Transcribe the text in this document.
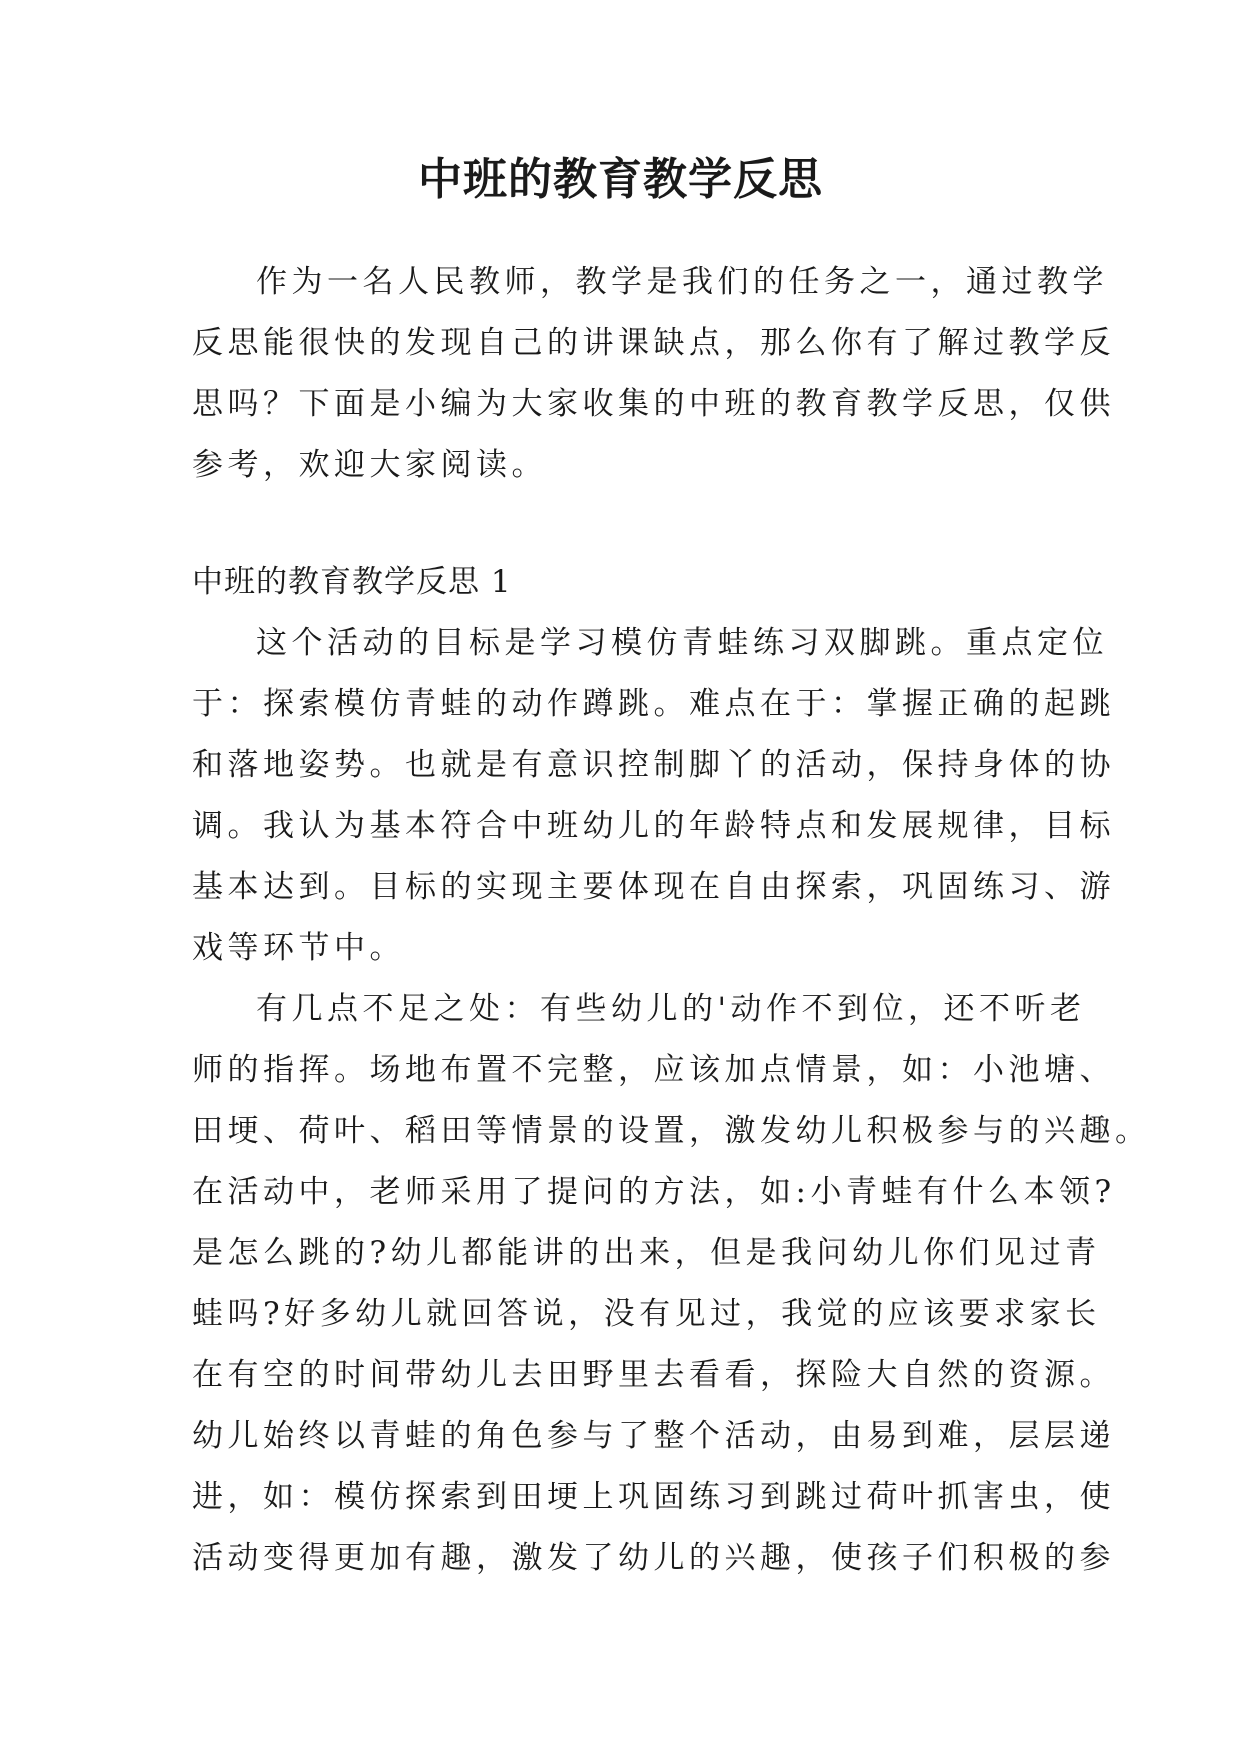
中班的教育教学反思

作为一名人民教师，教学是我们的任务之一，通过教学

反思能很快的发现自己的讲课缺点，那么你有了解过教学反

思吗？下面是小编为大家收集的中班的教育教学反思，仅供

参考，欢迎大家阅读。

中班的教育教学反思 1

这个活动的目标是学习模仿青蛙练习双脚跳。重点定位

于：探索模仿青蛙的动作蹲跳。难点在于：掌握正确的起跳

和落地姿势。也就是有意识控制脚丫的活动，保持身体的协

调。我认为基本符合中班幼儿的年龄特点和发展规律，目标

基本达到。目标的实现主要体现在自由探索，巩固练习、游

戏等环节中。

有几点不足之处：有些幼儿的'动作不到位，还不听老

师的指挥。场地布置不完整，应该加点情景，如：小池塘、

田埂、荷叶、稻田等情景的设置，激发幼儿积极参与的兴趣。

在活动中，老师采用了提问的方法，如:小青蛙有什么本领?

是怎么跳的?幼儿都能讲的出来，但是我问幼儿你们见过青

蛙吗?好多幼儿就回答说，没有见过，我觉的应该要求家长

在有空的时间带幼儿去田野里去看看，探险大自然的资源。

幼儿始终以青蛙的角色参与了整个活动，由易到难，层层递

进，如：模仿探索到田埂上巩固练习到跳过荷叶抓害虫，使

活动变得更加有趣，激发了幼儿的兴趣，使孩子们积极的参
